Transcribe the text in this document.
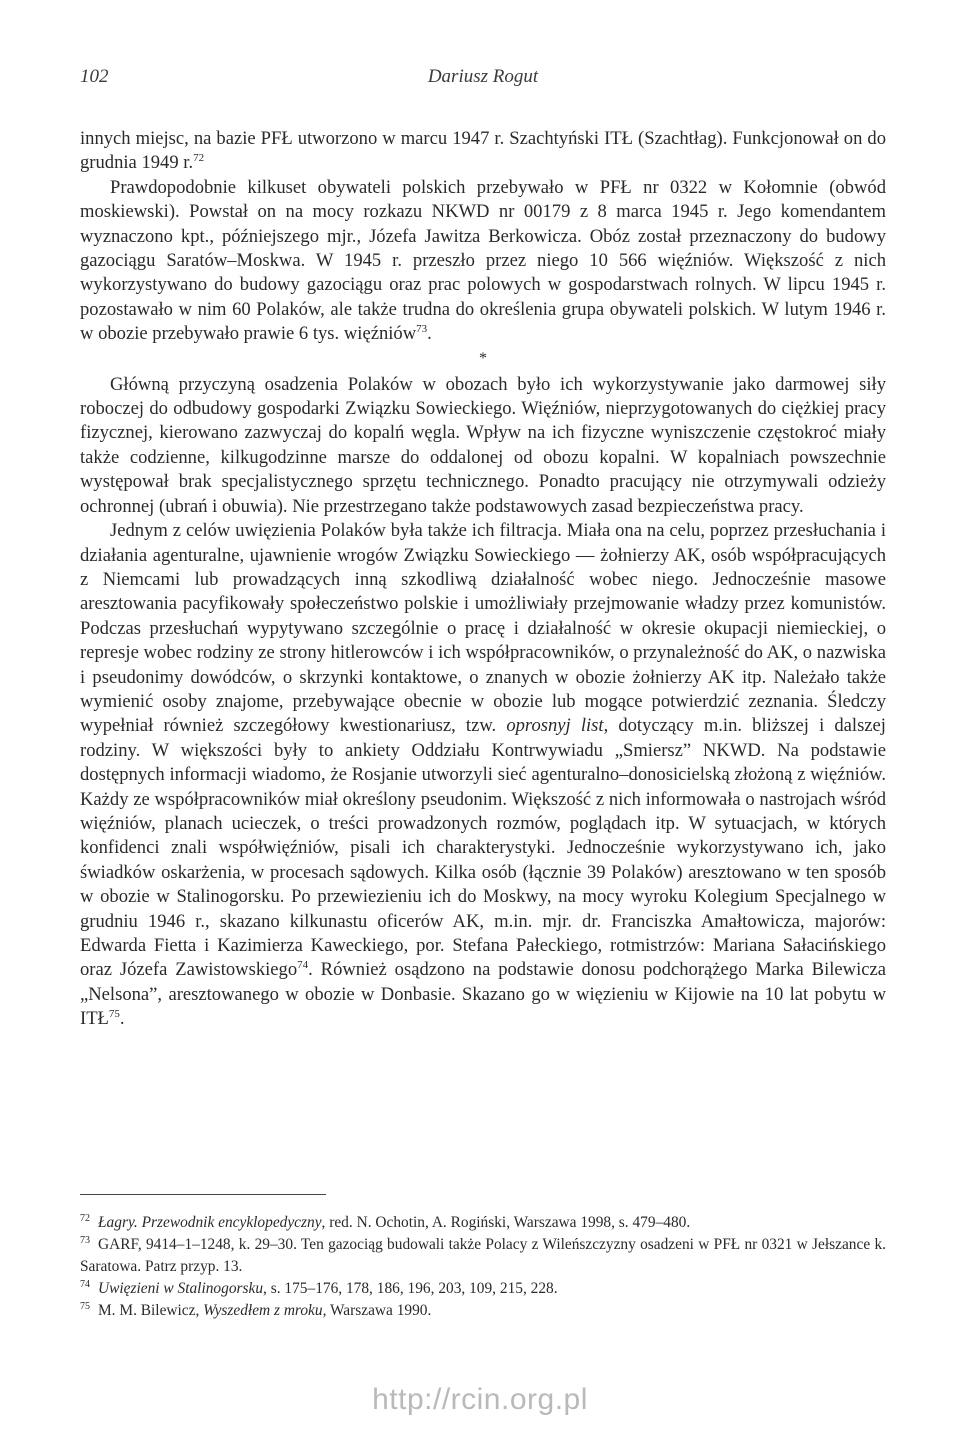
102	Dariusz Rogut

innych miejsc, na bazie PFŁ utworzono w marcu 1947 r. Szachtyński ITŁ (Szachtłag). Funkcjonował on do grudnia 1949 r.$^{72}$

Prawdopodobnie kilkuset obywateli polskich przebywało w PFŁ nr 0322 w Kołomnie (obwód moskiewski). Powstał on na mocy rozkazu NKWD nr 00179 z 8 marca 1945 r. Jego komendantem wyznaczono kpt., późniejszego mjr., Józefa Jawitza Berkowicza. Obóz został przeznaczony do budowy gazociągu Saratów–Moskwa. W 1945 r. przeszło przez niego 10 566 więźniów. Większość z nich wykorzystywano do budowy gazociągu oraz prac polowych w gospodarstwach rolnych. W lipcu 1945 r. pozostawało w nim 60 Polaków, ale także trudna do określenia grupa obywateli polskich. W lutym 1946 r. w obozie przebywało prawie 6 tys. więźniów$^{73}$.

*

Główną przyczyną osadzenia Polaków w obozach było ich wykorzystywanie jako darmowej siły roboczej do odbudowy gospodarki Związku Sowieckiego. Więźniów, nieprzygotowanych do ciężkiej pracy fizycznej, kierowano zazwyczaj do kopalń węgla. Wpływ na ich fizyczne wyniszczenie częstokroć miały także codzienne, kilkugodzinne marsze do oddalonej od obozu kopalni. W kopalniach powszechnie występował brak specjalistycznego sprzętu technicznego. Ponadto pracujący nie otrzymywali odzieży ochronnej (ubrań i obuwia). Nie przestrzegano także podstawowych zasad bezpieczeństwa pracy.

Jednym z celów uwięzienia Polaków była także ich filtracja. Miała ona na celu, poprzez przesłuchania i działania agenturalne, ujawnienie wrogów Związku Sowieckiego — żołnierzy AK, osób współpracujących z Niemcami lub prowadzących inną szkodliwą działalność wobec niego. Jednocześnie masowe aresztowania pacyfikowały społeczeństwo polskie i umożliwiały przejmowanie władzy przez komunistów. Podczas przesłuchań wypytywano szczególnie o pracę i działalność w okresie okupacji niemieckiej, o represje wobec rodziny ze strony hitlerowców i ich współpracowników, o przynależność do AK, o nazwiska i pseudonimy dowódców, o skrzynki kontaktowe, o znanych w obozie żołnierzy AK itp. Należało także wymienić osoby znajome, przebywające obecnie w obozie lub mogące potwierdzić zeznania. Śledczy wypełniał również szczegółowy kwestionariusz, tzw. oprosnyj list, dotyczący m.in. bliższej i dalszej rodziny. W większości były to ankiety Oddziału Kontrwywiadu „Smiersz” NKWD. Na podstawie dostępnych informacji wiadomo, że Rosjanie utworzyli sieć agenturalno–donosicielską złożoną z więźniów. Każdy ze współpracowników miał określony pseudonim. Większość z nich informowała o nastrojach wśród więźniów, planach ucieczek, o treści prowadzonych rozmów, poglądach itp. W sytuacjach, w których konfidenci znali współwięźniów, pisali ich charakterystyki. Jednocześnie wykorzystywano ich, jako świadków oskarżenia, w procesach sądowych. Kilka osób (łącznie 39 Polaków) aresztowano w ten sposób w obozie w Stalinogorsku. Po przewiezieniu ich do Moskwy, na mocy wyroku Kolegium Specjalnego w grudniu 1946 r., skazano kilkunastu oficerów AK, m.in. mjr. dr. Franciszka Amałtowicza, majorów: Edwarda Fietta i Kazimierza Kaweckiego, por. Stefana Pałeckiego, rotmistrzów: Mariana Sałacińskiego oraz Józefa Zawistowskiego$^{74}$. Również osądzono na podstawie donosu podchorążego Marka Bilewicza „Nelsona”, aresztowanego w obozie w Donbasie. Skazano go w więzieniu w Kijowie na 10 lat pobytu w ITŁ$^{75}$.

$^{72}$ Łagry. Przewodnik encyklopedyczny, red. N. Ochotin, A. Rogiński, Warszawa 1998, s. 479–480.

$^{73}$ GARF, 9414–1–1248, k. 29–30. Ten gazociąg budowali także Polacy z Wileńszczyzny osadzeni w PFŁ nr 0321 w Jełszance k. Saratowa. Patrz przyp. 13.

$^{74}$ Uwięzieni w Stalinogorsku, s. 175–176, 178, 186, 196, 203, 109, 215, 228.

$^{75}$ M. M. Bilewicz, Wyszedłem z mroku, Warszawa 1990.

http://rcin.org.pl
